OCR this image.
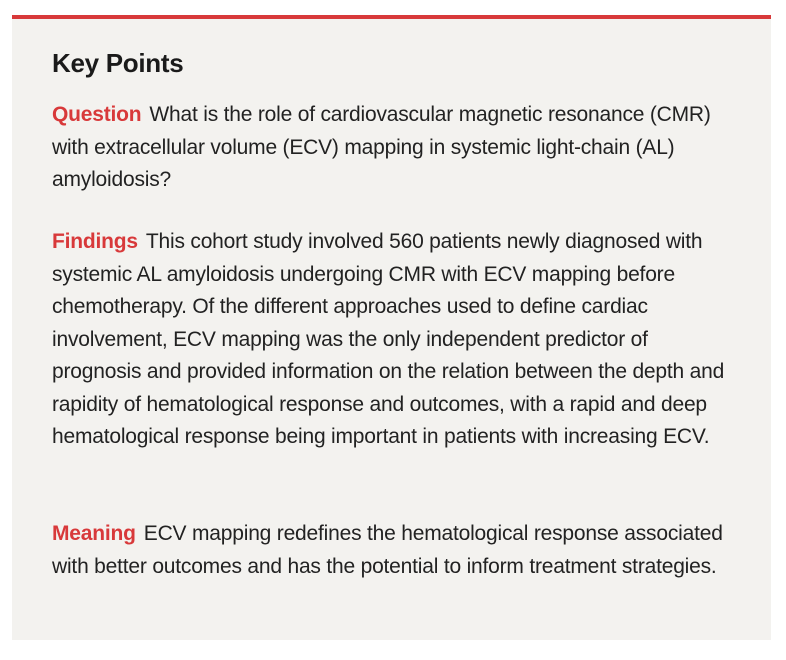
Key Points

Question What is the role of cardiovascular magnetic resonance (CMR) with extracellular volume (ECV) mapping in systemic light-chain (AL) amyloidosis?

Findings This cohort study involved 560 patients newly diagnosed with systemic AL amyloidosis undergoing CMR with ECV mapping before chemotherapy. Of the different approaches used to define cardiac involvement, ECV mapping was the only independent predictor of prognosis and provided information on the relation between the depth and rapidity of hematological response and outcomes, with a rapid and deep hematological response being important in patients with increasing ECV.

Meaning ECV mapping redefines the hematological response associated with better outcomes and has the potential to inform treatment strategies.
